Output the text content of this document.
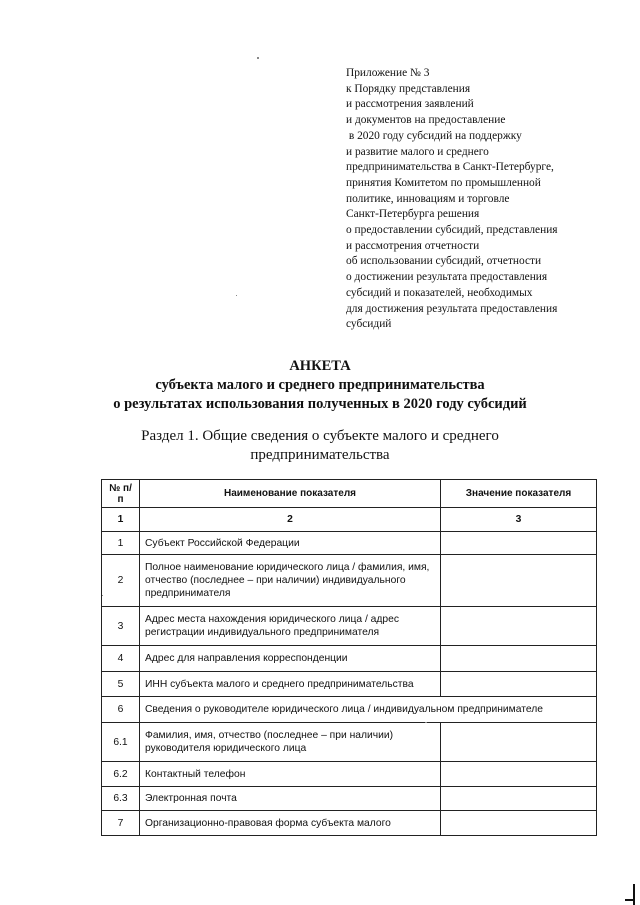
Приложение № 3
к Порядку представления
и рассмотрения заявлений
и документов на предоставление
в 2020 году субсидий на поддержку
и развитие малого и среднего
предпринимательства в Санкт-Петербурге,
принятия Комитетом по промышленной
политике, инновациям и торговле
Санкт-Петербурга решения
о предоставлении субсидий, представления
и рассмотрения отчетности
об использовании субсидий, отчетности
о достижении результата предоставления
субсидий и показателей, необходимых
для достижения результата предоставления
субсидий
АНКЕТА
субъекта малого и среднего предпринимательства
о результатах использования полученных в 2020 году субсидий
Раздел 1. Общие сведения о субъекте малого и среднего
предпринимательства
№ п/п	Наименование показателя	Значение показателя
1	2	3
1	Субъект Российской Федерации	
2	Полное наименование юридического лица / фамилия, имя, отчество (последнее – при наличии) индивидуального предпринимателя	
3	Адрес места нахождения юридического лица / адрес регистрации индивидуального предпринимателя	
4	Адрес для направления корреспонденции	
5	ИНН субъекта малого и среднего предпринимательства	
6	Сведения о руководителе юридического лица / индивидуальном предпринимателе	
6.1	Фамилия, имя, отчество (последнее – при наличии) руководителя юридического лица	
6.2	Контактный телефон	
6.3	Электронная почта	
7	Организационно-правовая форма субъекта малого	
